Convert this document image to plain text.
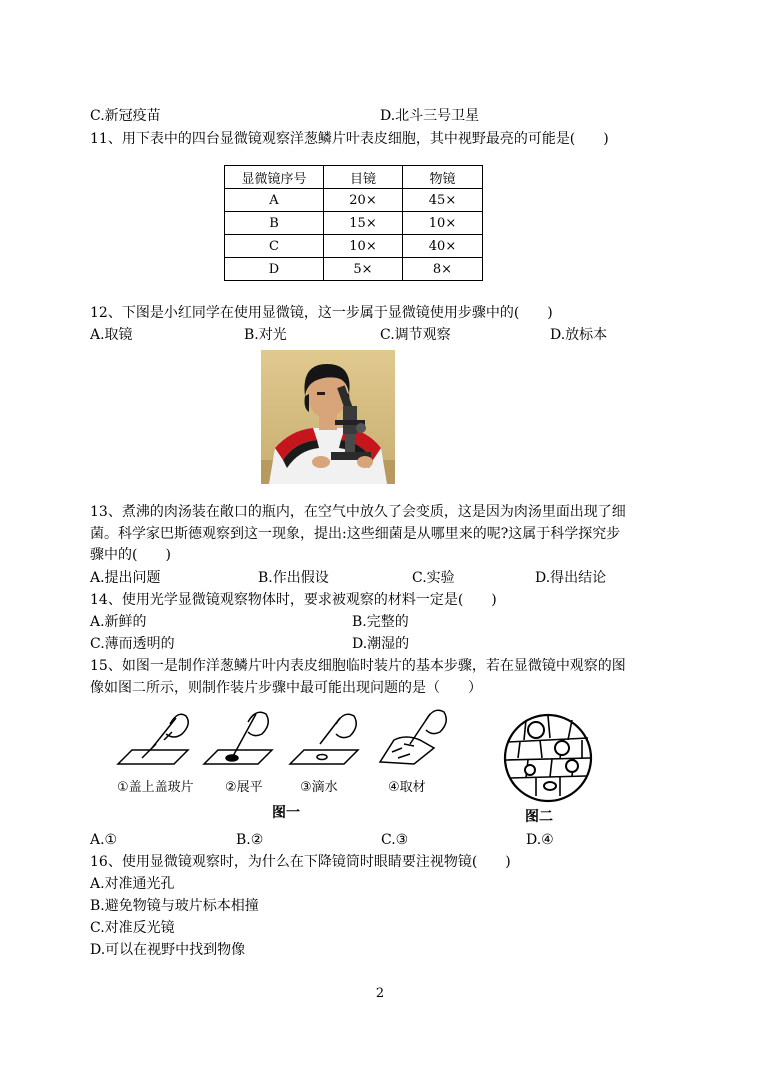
C.新冠疫苗	D.北斗三号卫星
11、用下表中的四台显微镜观察洋葱鳞片叶表皮细胞，其中视野最亮的可能是(　　)
显微镜序号	目镜	物镜
A	20×	45×
B	15×	10×
C	10×	40×
D	5×	8×
12、下图是小红同学在使用显微镜，这一步属于显微镜使用步骤中的(　　)
A.取镜	B.对光	C.调节观察	D.放标本
13、煮沸的肉汤装在敞口的瓶内，在空气中放久了会变质，这是因为肉汤里面出现了细
菌。科学家巴斯德观察到这一现象，提出:这些细菌是从哪里来的呢?这属于科学探究步
骤中的(　　)
A.提出问题	B.作出假设	C.实验	D.得出结论
14、使用光学显微镜观察物体时，要求被观察的材料一定是(　　)
A.新鲜的	B.完整的
C.薄而透明的	D.潮湿的
15、如图一是制作洋葱鳞片叶内表皮细胞临时装片的基本步骤，若在显微镜中观察的图
像如图二所示，则制作装片步骤中最可能出现问题的是（　　）
①盖上盖玻片 ②展平	③滴水	④取材
图一	图二
A.①	B.②	C.③	D.④
16、使用显微镜观察时，为什么在下降镜筒时眼睛要注视物镜(　　)
A.对准通光孔
B.避免物镜与玻片标本相撞
C.对准反光镜
D.可以在视野中找到物像
2
